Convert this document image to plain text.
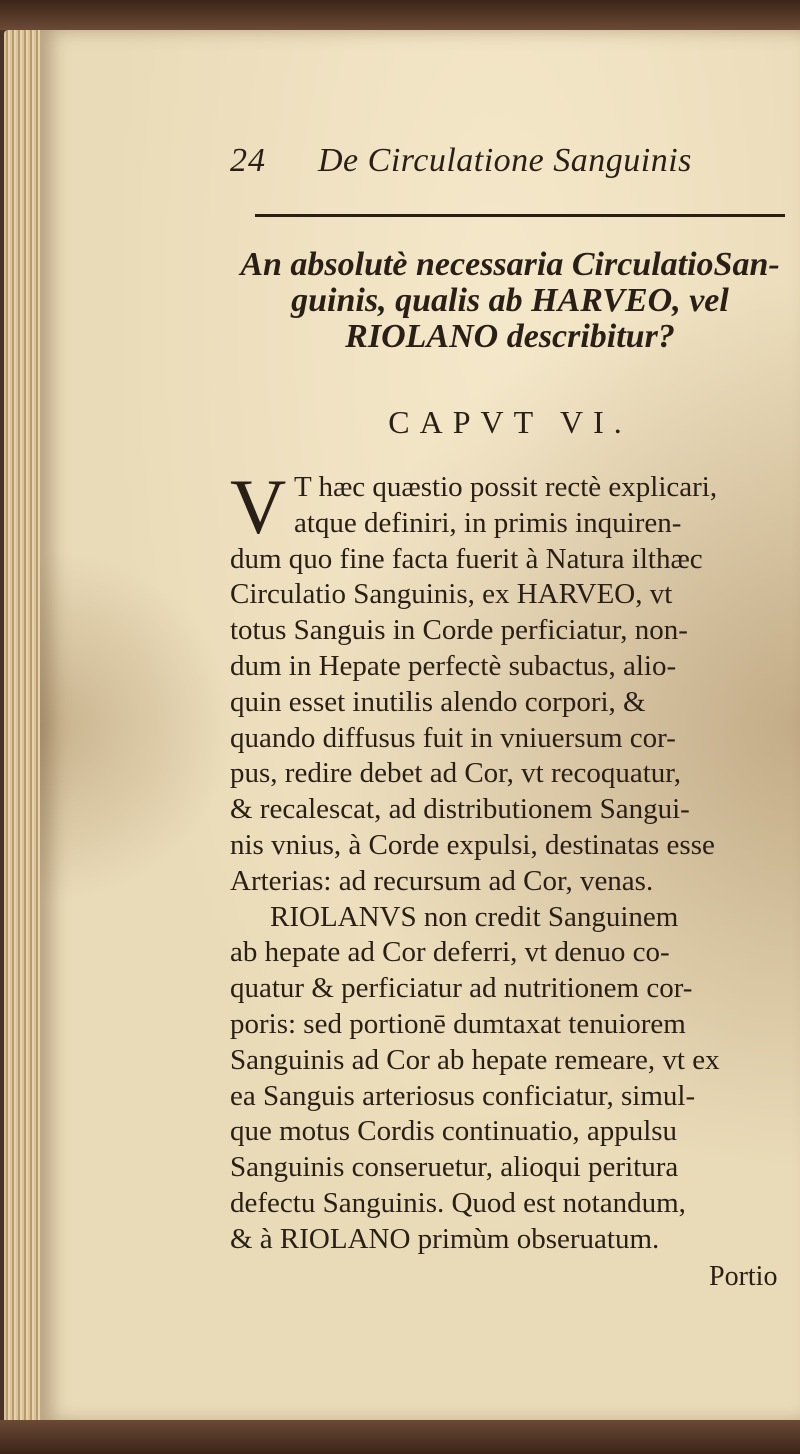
24 De Circulatione Sanguinis
An absolutè necessaria CirculatioSan-
guinis, qualis ab HARVEO, vel
RIOLANO describitur?
CAPVT VI.
V T hæc quæstio possit rectè explicari,
atque definiri, in primis inquiren-
dum quo fine facta fuerit à Natura ilthæc
Circulatio Sanguinis, ex HARVEO, vt
totus Sanguis in Corde perficiatur, non-
dum in Hepate perfectè subactus, alio-
quin esset inutilis alendo corpori, &
quando diffusus fuit in vniuersum cor-
pus, redire debet ad Cor, vt recoquatur,
& recalescat, ad distributionem Sangui-
nis vnius, à Corde expulsi, destinatas esse
Arterias: ad recursum ad Cor, venas.
RIOLANVS non credit Sanguinem
ab hepate ad Cor deferri, vt denuo co-
quatur & perficiatur ad nutritionem cor-
poris: sed portionē dumtaxat tenuiorem
Sanguinis ad Cor ab hepate remeare, vt ex
ea Sanguis arteriosus conficiatur, simul-
que motus Cordis continuatio, appulsu
Sanguinis conseruetur, alioqui peritura
defectu Sanguinis. Quod est notandum,
& à RIOLANO primùm obseruatum.
Portio
